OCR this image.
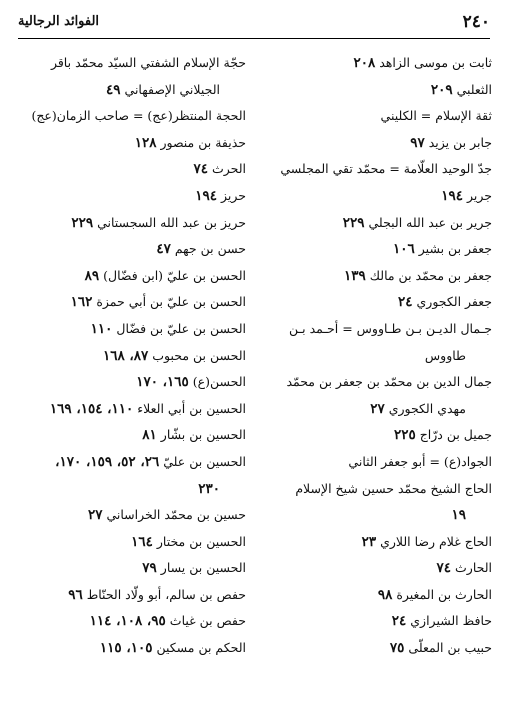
٢٤٠
الفوائد الرجالية
ثابت بن موسى الزاهد ٢٠٨
الثعلبي ٢٠٩
ثقة الإسلام = الكليني
جابر بن يزيد ٩٧
جدّ الوحيد العلّامة = محمّد تقي المجلسي
جرير ١٩٤
جرير بن عبد الله البجلي ٢٢٩
جعفر بن بشير ١٠٦
جعفر بن محمّد بن مالك ١٣٩
جعفر الكجوري ٢٤
جـمال الديـن بـن طـاووس = أحـمد بـن
طاووس
جمال الدين بن محمّد بن جعفر بن محمّد
مهدي الكجوري ٢٧
جميل بن درّاج ٢٢٥
الجواد(ع) = أبو جعفر الثاني
الحاج الشيخ محمّد حسين شيخ الإسلام
١٩
الحاج غلام رضا اللاري ٢٣
الحارث ٧٤
الحارث بن المغيرة ٩٨
حافظ الشيرازي ٢٤
حبيب بن المعلّى ٧٥
حجّة الإسلام الشفتي السيّد محمّد باقر
الجيلاني الإصفهاني ٤٩
الحجة المنتظر(عج) = صاحب الزمان(عج)
حذيفة بن منصور ١٢٨
الحرث ٧٤
حريز ١٩٤
حريز بن عبد الله السجستاني ٢٢٩
حسن بن جهم ٤٧
الحسن بن عليّ (ابن فضّال) ٨٩
الحسن بن عليّ بن أبي حمزة ١٦٢
الحسن بن عليّ بن فضّال ١١٠
الحسن بن محبوب ٨٧، ١٦٨
الحسن(ع) ١٦٥، ١٧٠
الحسين بن أبي العلاء ١١٠، ١٥٤، ١٦٩
الحسين بن بشّار ٨١
الحسين بن عليّ ٢٦، ٥٢، ١٥٩، ١٧٠،
٢٣٠
حسين بن محمّد الخراساني ٢٧
الحسين بن مختار ١٦٤
الحسين بن يسار ٧٩
حفص بن سالم، أبو ولّاد الحنّاط ٩٦
حفص بن غياث ٩٥، ١٠٨، ١١٤
الحكم بن مسكين ١٠٥، ١١٥
